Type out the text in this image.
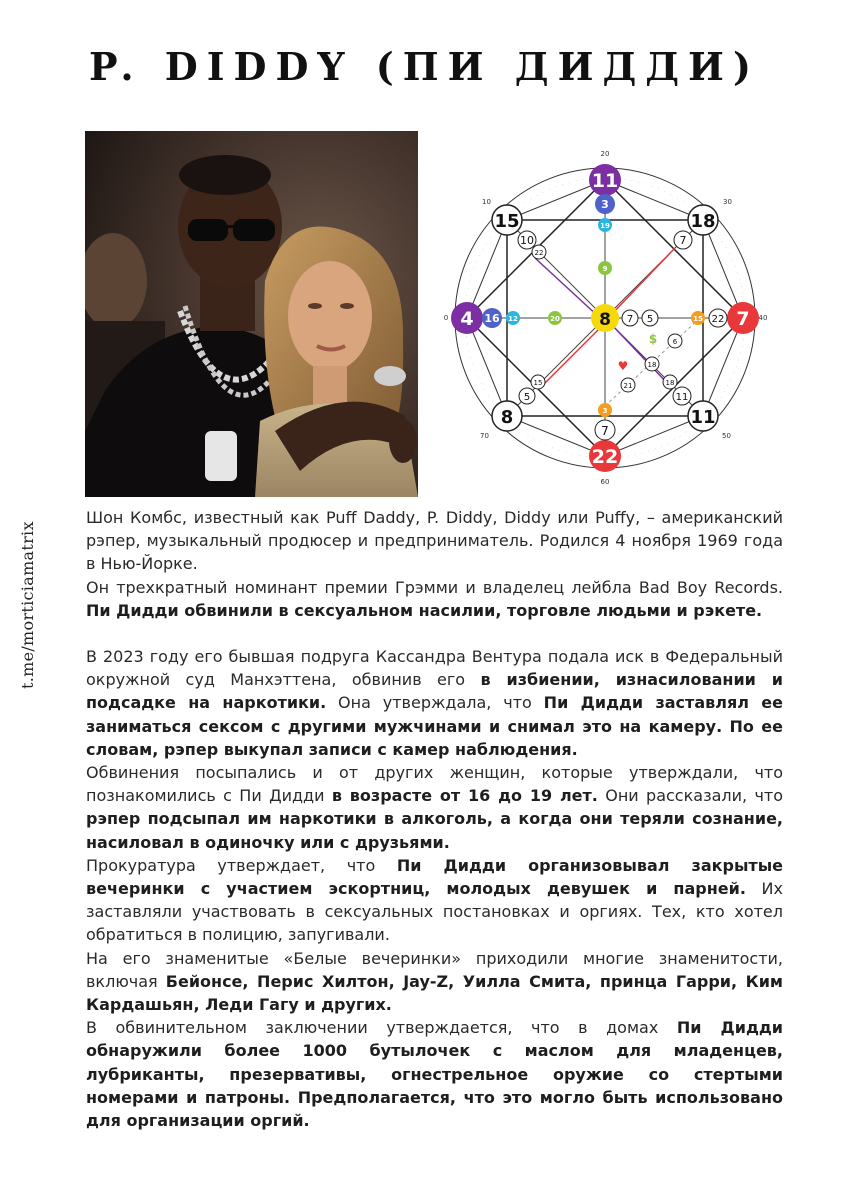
P. DIDDY (ПИ ДИДДИ)
20
40
60
0
30
50
70
10
11
7
22
4
15	18
11
8
3
19
9
16 12	20 8 7 5	15 22
3
7
10
22
7
15
5
18
11
18
6
21
$
♥
t.me/morticiamatrix

Шон Комбс, известный как Puff Daddy, P. Diddy, Diddy или Puffy, – американский рэпер, музыкальный продюсер и предприниматель. Родился 4 ноября 1969 года в Нью-Йорке.

Он трехкратный номинант премии Грэмми и владелец лейбла Bad Boy Records. Пи Дидди обвинили в сексуальном насилии, торговле людьми и рэкете.

В 2023 году его бывшая подруга Кассандра Вентура подала иск в Федеральный окружной суд Манхэттена, обвинив его в избиении, изнасиловании и подсадке на наркотики. Она утверждала, что Пи Дидди заставлял ее заниматься сексом с другими мужчинами и снимал это на камеру. По ее словам, рэпер выкупал записи с камер наблюдения.

Обвинения посыпались и от других женщин, которые утверждали, что познакомились с Пи Дидди в возрасте от 16 до 19 лет. Они рассказали, что рэпер подсыпал им наркотики в алкоголь, а когда они теряли сознание, насиловал в одиночку или с друзьями.

Прокуратура утверждает, что Пи Дидди организовывал закрытые вечеринки с участием эскортниц, молодых девушек и парней. Их заставляли участвовать в сексуальных постановках и оргиях. Тех, кто хотел обратиться в полицию, запугивали.

На его знаменитые «Белые вечеринки» приходили многие знаменитости, включая Бейонсе, Перис Хилтон, Jay-Z, Уилла Смита, принца Гарри, Ким Кардашьян, Леди Гагу и других.

В обвинительном заключении утверждается, что в домах Пи Дидди обнаружили более 1000 бутылочек с маслом для младенцев, лубриканты, презервативы, огнестрельное оружие со стертыми номерами и патроны. Предполагается, что это могло быть использовано для организации оргий.
